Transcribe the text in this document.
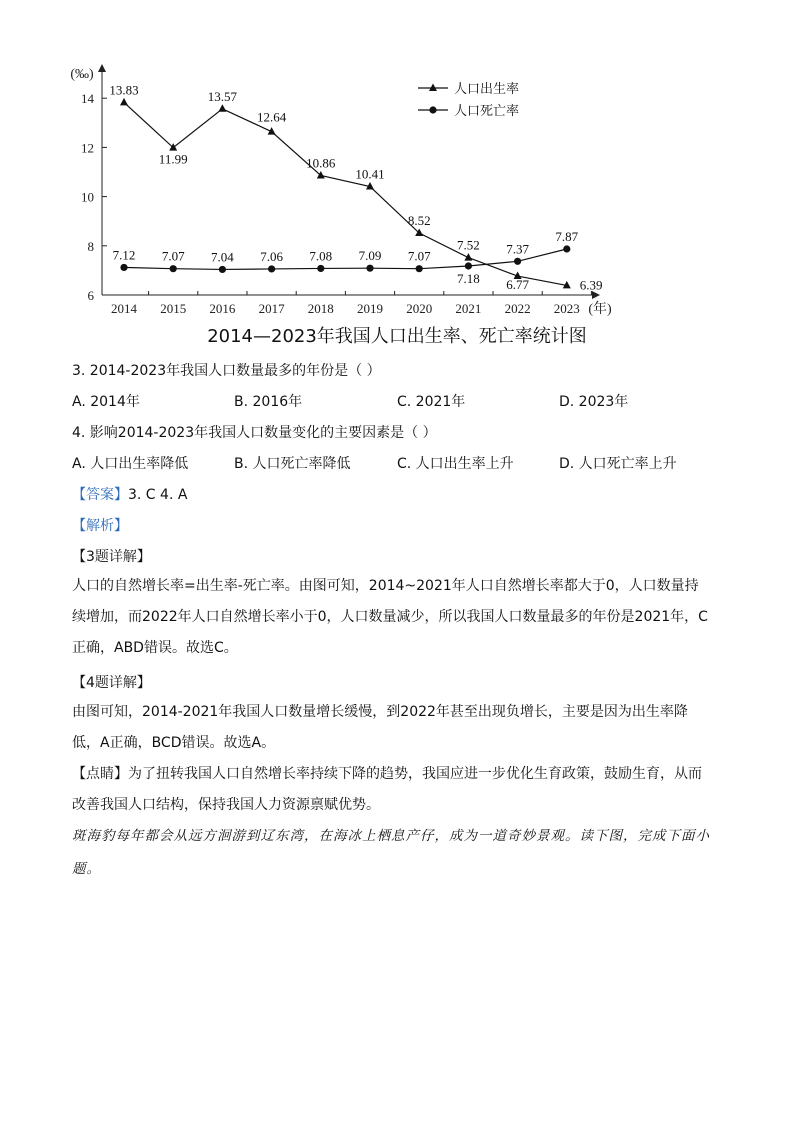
6
8
10
12
14
(‰)
2014 2015 2016 2017 2018 2019 2020 2021 2022 2023 (年)
13.83
11.99
13.57
12.64
10.86
10.41
8.52
7.52
6.77	6.39
7.12 7.07 7.04 7.06 7.08 7.09 7.07
7.18
7.37
7.87
人口出生率
人口死亡率
2014—2023年我国人口出生率、死亡率统计图
3. 2014-2023年我国人口数量最多的年份是（ ）
A. 2014年	B. 2016年	C. 2021年	D. 2023年
4. 影响2014-2023年我国人口数量变化的主要因素是（ ）
A. 人口出生率降低	B. 人口死亡率降低	C. 人口出生率上升	D. 人口死亡率上升
【答案】3. C 4. A
【解析】
【3题详解】
人口的自然增长率=出生率-死亡率。由图可知，2014~2021年人口自然增长率都大于0，人口数量持续增加，而2022年人口自然增长率小于0，人口数量减少，所以我国人口数量最多的年份是2021年，C正确，ABD错误。故选C。
【4题详解】
由图可知，2014-2021年我国人口数量增长缓慢，到2022年甚至出现负增长，主要是因为出生率降低，A正确，BCD错误。故选A。
【点睛】为了扭转我国人口自然增长率持续下降的趋势，我国应进一步优化生育政策，鼓励生育，从而改善我国人口结构，保持我国人力资源禀赋优势。
斑海豹每年都会从远方洄游到辽东湾，在海冰上栖息产仔，成为一道奇妙景观。读下图，完成下面小题。
